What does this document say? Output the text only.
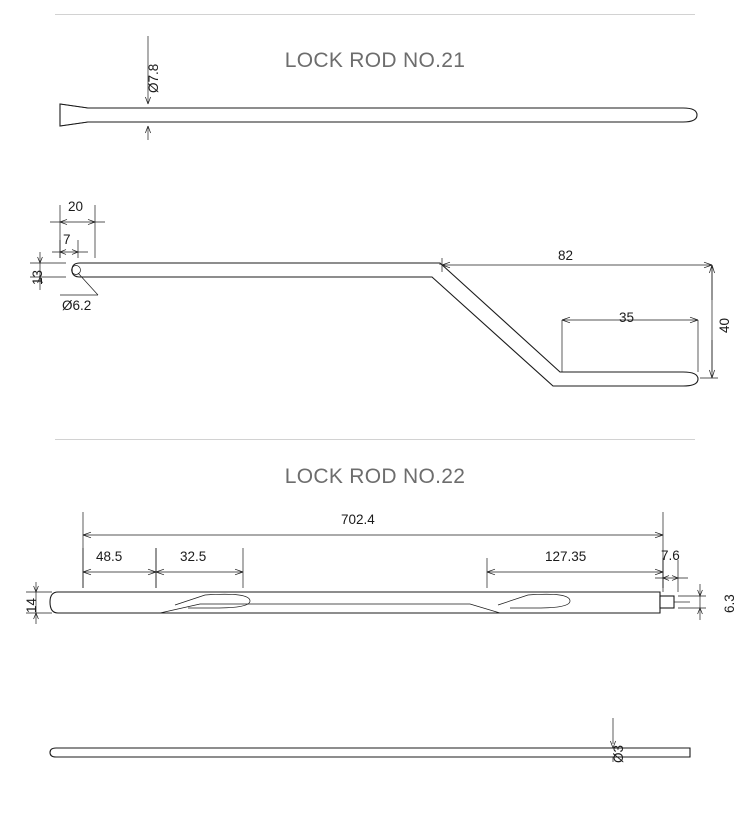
LOCK ROD NO.21
Ø7.8
20
7
13
Ø6.2
82
35
40
LOCK ROD NO.22
702.4
48.5	32.5	127.35	7.6
6.3
14
Ø3
